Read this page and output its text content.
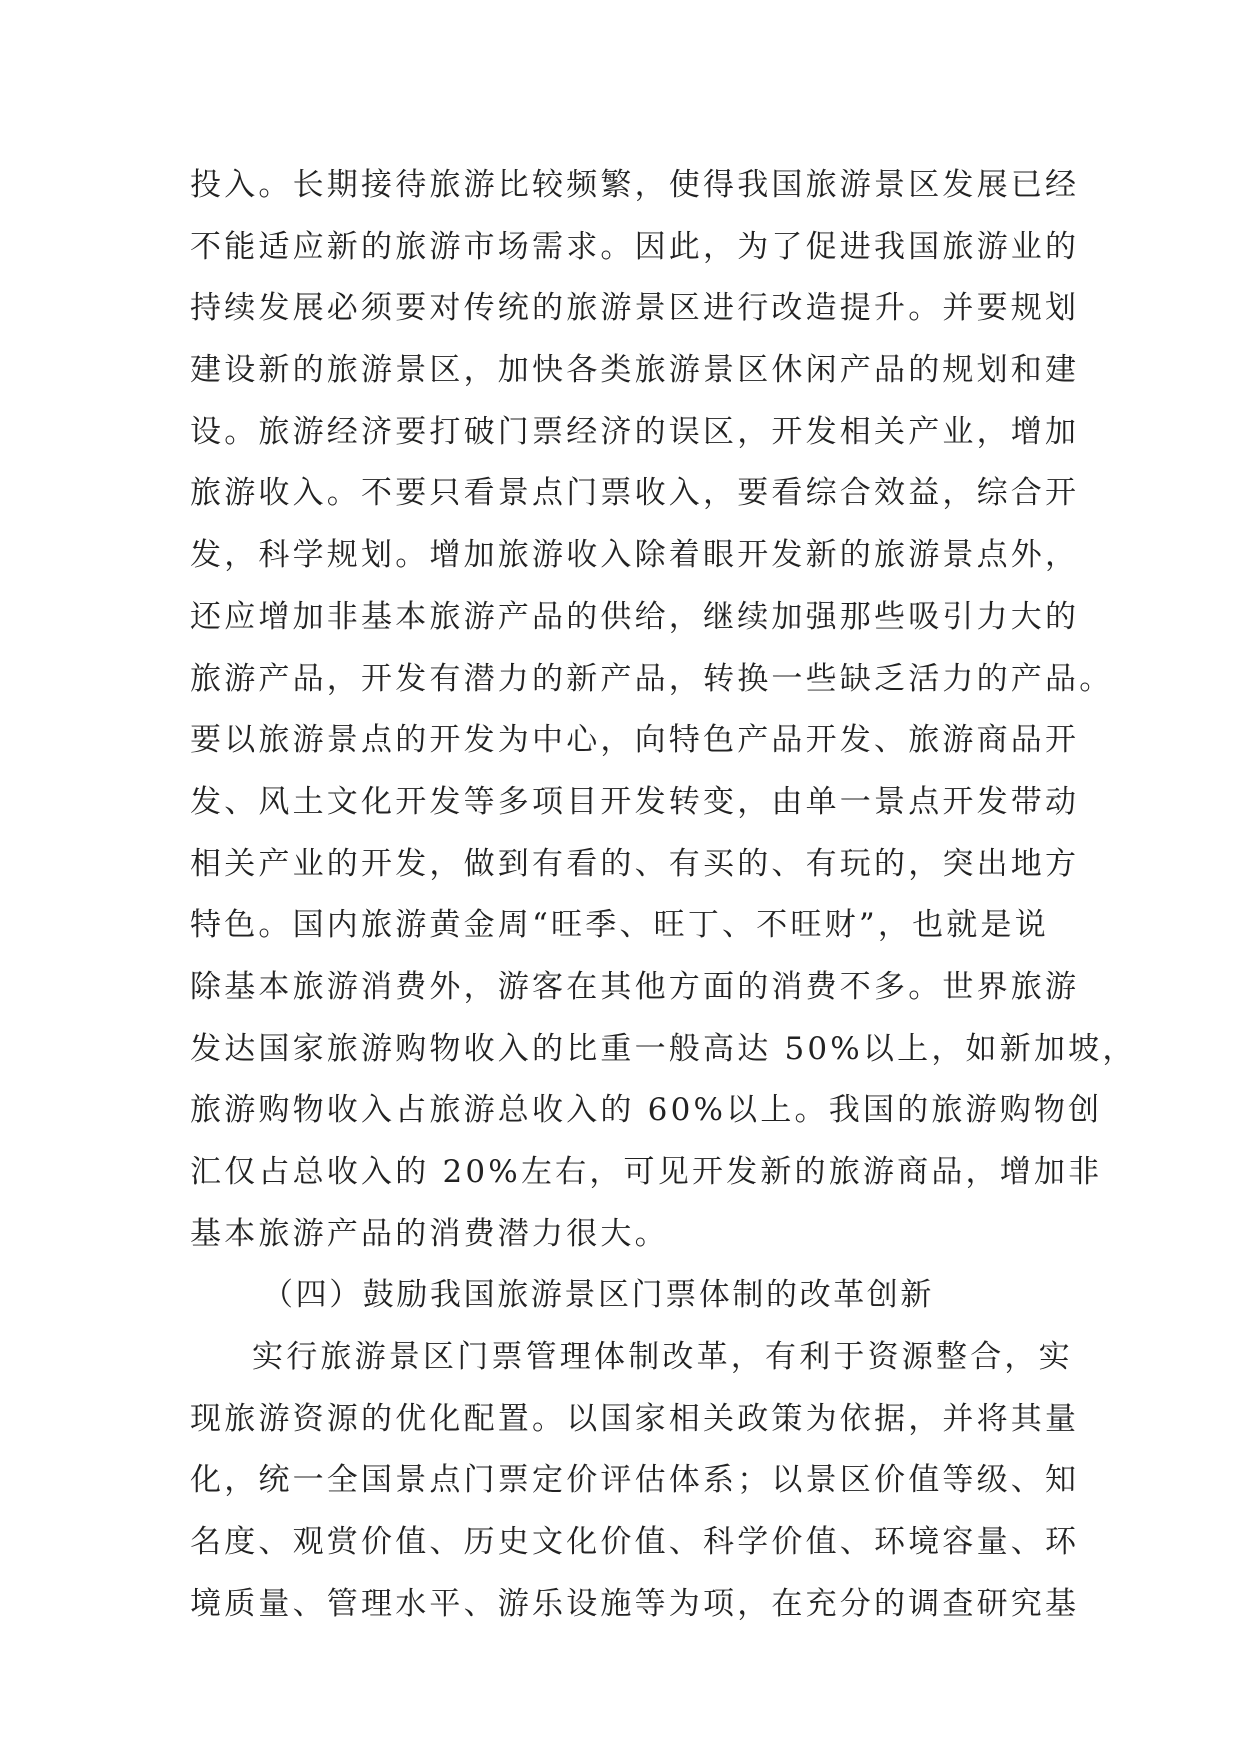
投入。长期接待旅游比较频繁，使得我国旅游景区发展已经
不能适应新的旅游市场需求。因此，为了促进我国旅游业的
持续发展必须要对传统的旅游景区进行改造提升。并要规划
建设新的旅游景区，加快各类旅游景区休闲产品的规划和建
设。旅游经济要打破门票经济的误区，开发相关产业，增加
旅游收入。不要只看景点门票收入，要看综合效益，综合开
发，科学规划。增加旅游收入除着眼开发新的旅游景点外，
还应增加非基本旅游产品的供给，继续加强那些吸引力大的
旅游产品，开发有潜力的新产品，转换一些缺乏活力的产品。
要以旅游景点的开发为中心，向特色产品开发、旅游商品开
发、风土文化开发等多项目开发转变，由单一景点开发带动
相关产业的开发，做到有看的、有买的、有玩的，突出地方
特色。国内旅游黄金周“旺季、旺丁、不旺财”，也就是说
除基本旅游消费外，游客在其他方面的消费不多。世界旅游
发达国家旅游购物收入的比重一般高达 50%以上，如新加坡，
旅游购物收入占旅游总收入的 60%以上。我国的旅游购物创
汇仅占总收入的 20%左右，可见开发新的旅游商品，增加非
基本旅游产品的消费潜力很大。
（四）鼓励我国旅游景区门票体制的改革创新
实行旅游景区门票管理体制改革，有利于资源整合，实
现旅游资源的优化配置。以国家相关政策为依据，并将其量
化，统一全国景点门票定价评估体系；以景区价值等级、知
名度、观赏价值、历史文化价值、科学价值、环境容量、环
境质量、管理水平、游乐设施等为项，在充分的调查研究基
